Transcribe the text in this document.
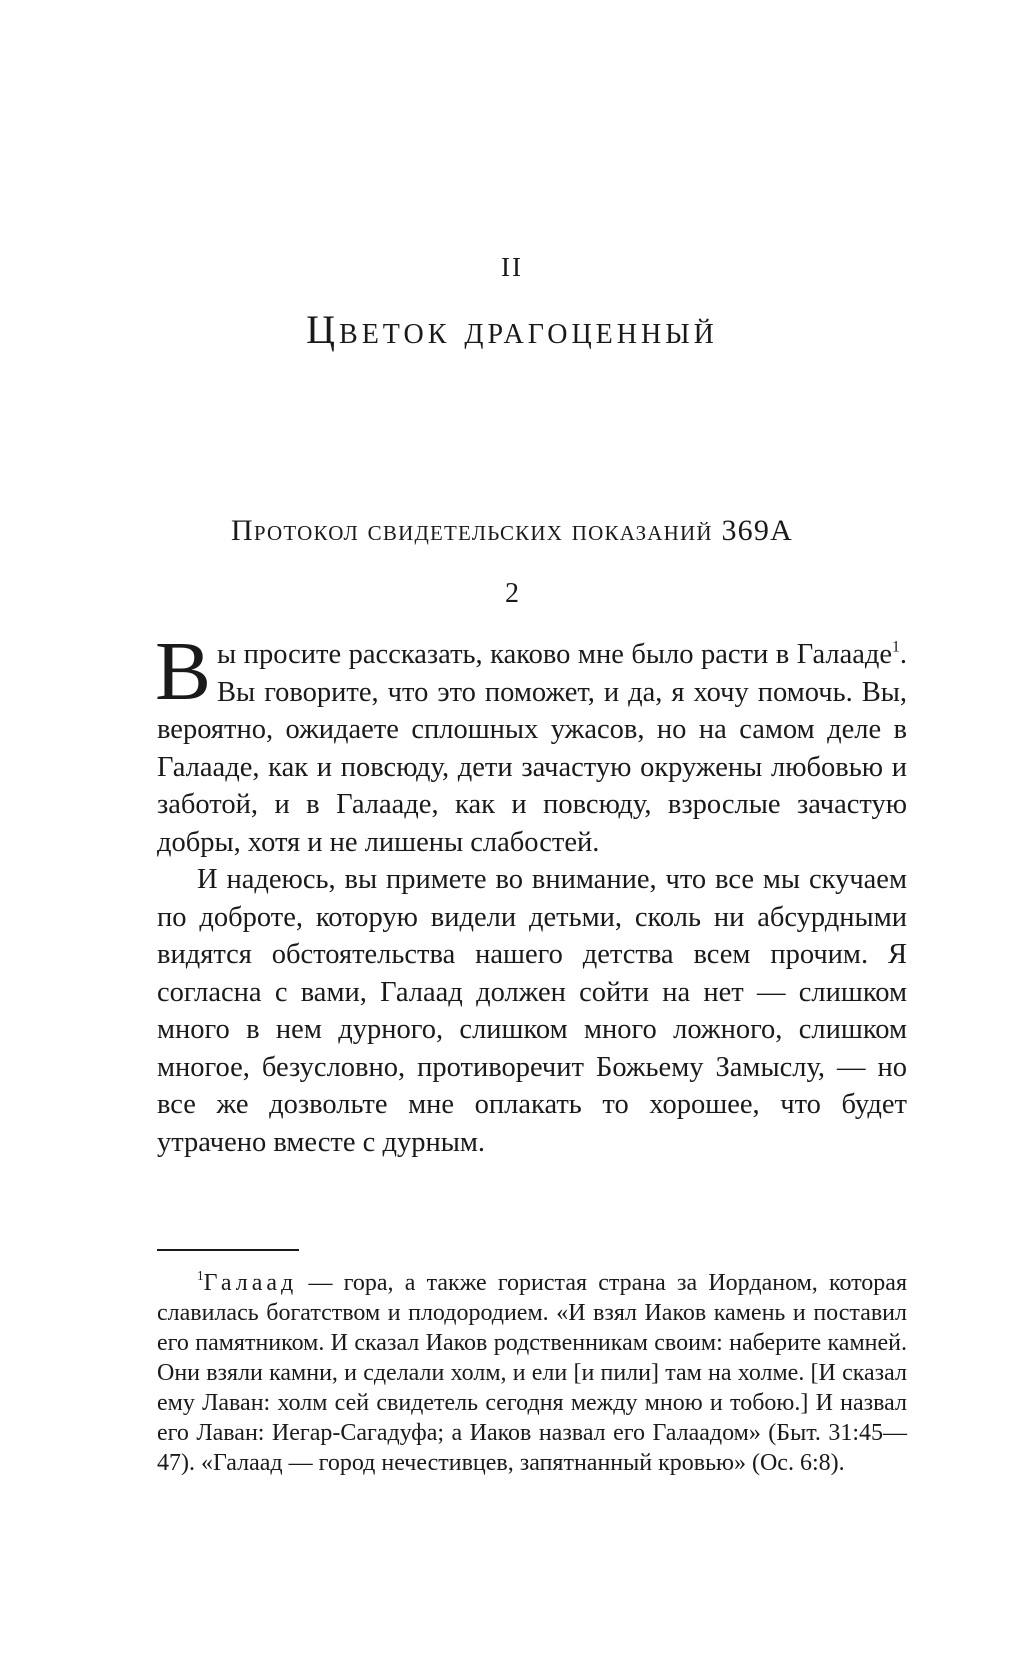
II
Цветок драгоценный
Протокол свидетельских показаний 369А
2

Вы просите рассказать, каково мне было расти в Галааде$^1$. Вы говорите, что это поможет, и да, я хочу помочь. Вы, вероятно, ожидаете сплошных ужасов, но на самом деле в Галааде, как и повсюду, дети зачастую окружены любовью и заботой, и в Галааде, как и повсюду, взрослые зачастую добры, хотя и не лишены слабостей.

И надеюсь, вы примете во внимание, что все мы скучаем по доброте, которую видели детьми, сколь ни абсурдными видятся обстоятельства нашего детства всем прочим. Я согласна с вами, Галаад должен сойти на нет — слишком много в нем дурного, слишком много ложного, слишком многое, безусловно, противоречит Божьему Замыслу, — но все же дозвольте мне оплакать то хорошее, что будет утрачено вместе с дурным.

$^1$Галаад — гора, а также гористая страна за Иорданом, которая славилась богатством и плодородием. «И взял Иаков камень и поставил его памятником. И сказал Иаков родственникам своим: наберите камней. Они взяли камни, и сделали холм, и ели [и пили] там на холме. [И сказал ему Лаван: холм сей свидетель сегодня между мною и тобою.] И назвал его Лаван: Иегар-Сагадуфа; а Иаков назвал его Галаадом» (Быт. 31:45—47). «Галаад — город нечестивцев, запятнанный кровью» (Ос. 6:8).
